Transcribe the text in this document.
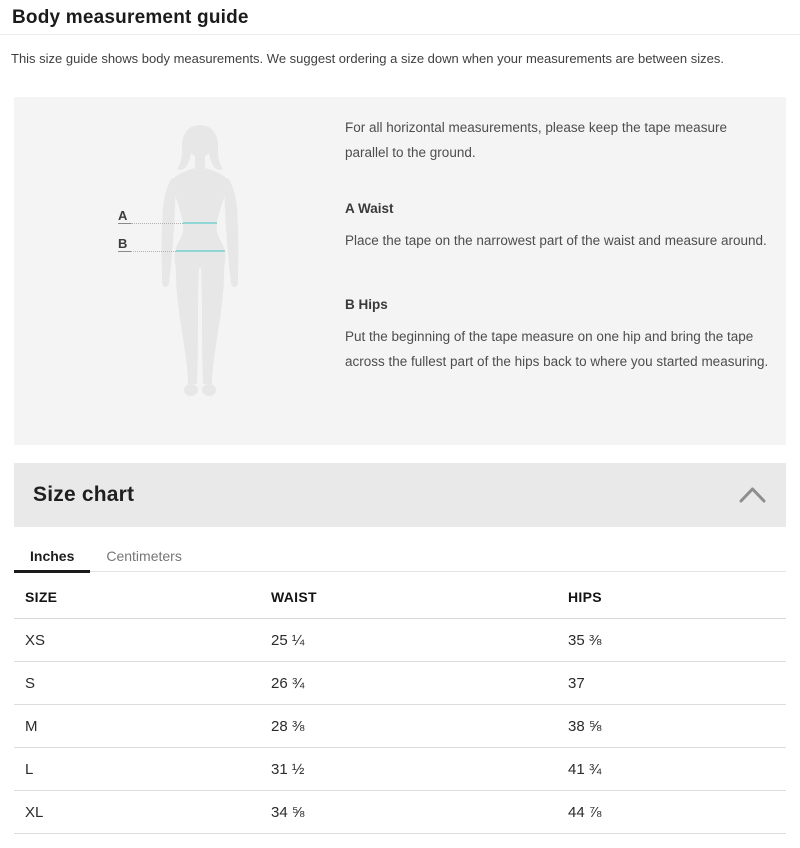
Body measurement guide

This size guide shows body measurements. We suggest ordering a size down when your measurements are between sizes.

A
B

For all horizontal measurements, please keep the tape measure parallel to the ground.

A Waist

Place the tape on the narrowest part of the waist and measure around.

B Hips

Put the beginning of the tape measure on one hip and bring the tape across the fullest part of the hips back to where you started measuring.

Size chart
Inches	Centimeters
SIZE	WAIST	HIPS
XS	25 ¼	35 ⅜
S	26 ¾	37
M	28 ⅜	38 ⅝
L	31 ½	41 ¾
XL	34 ⅝	44 ⅞
